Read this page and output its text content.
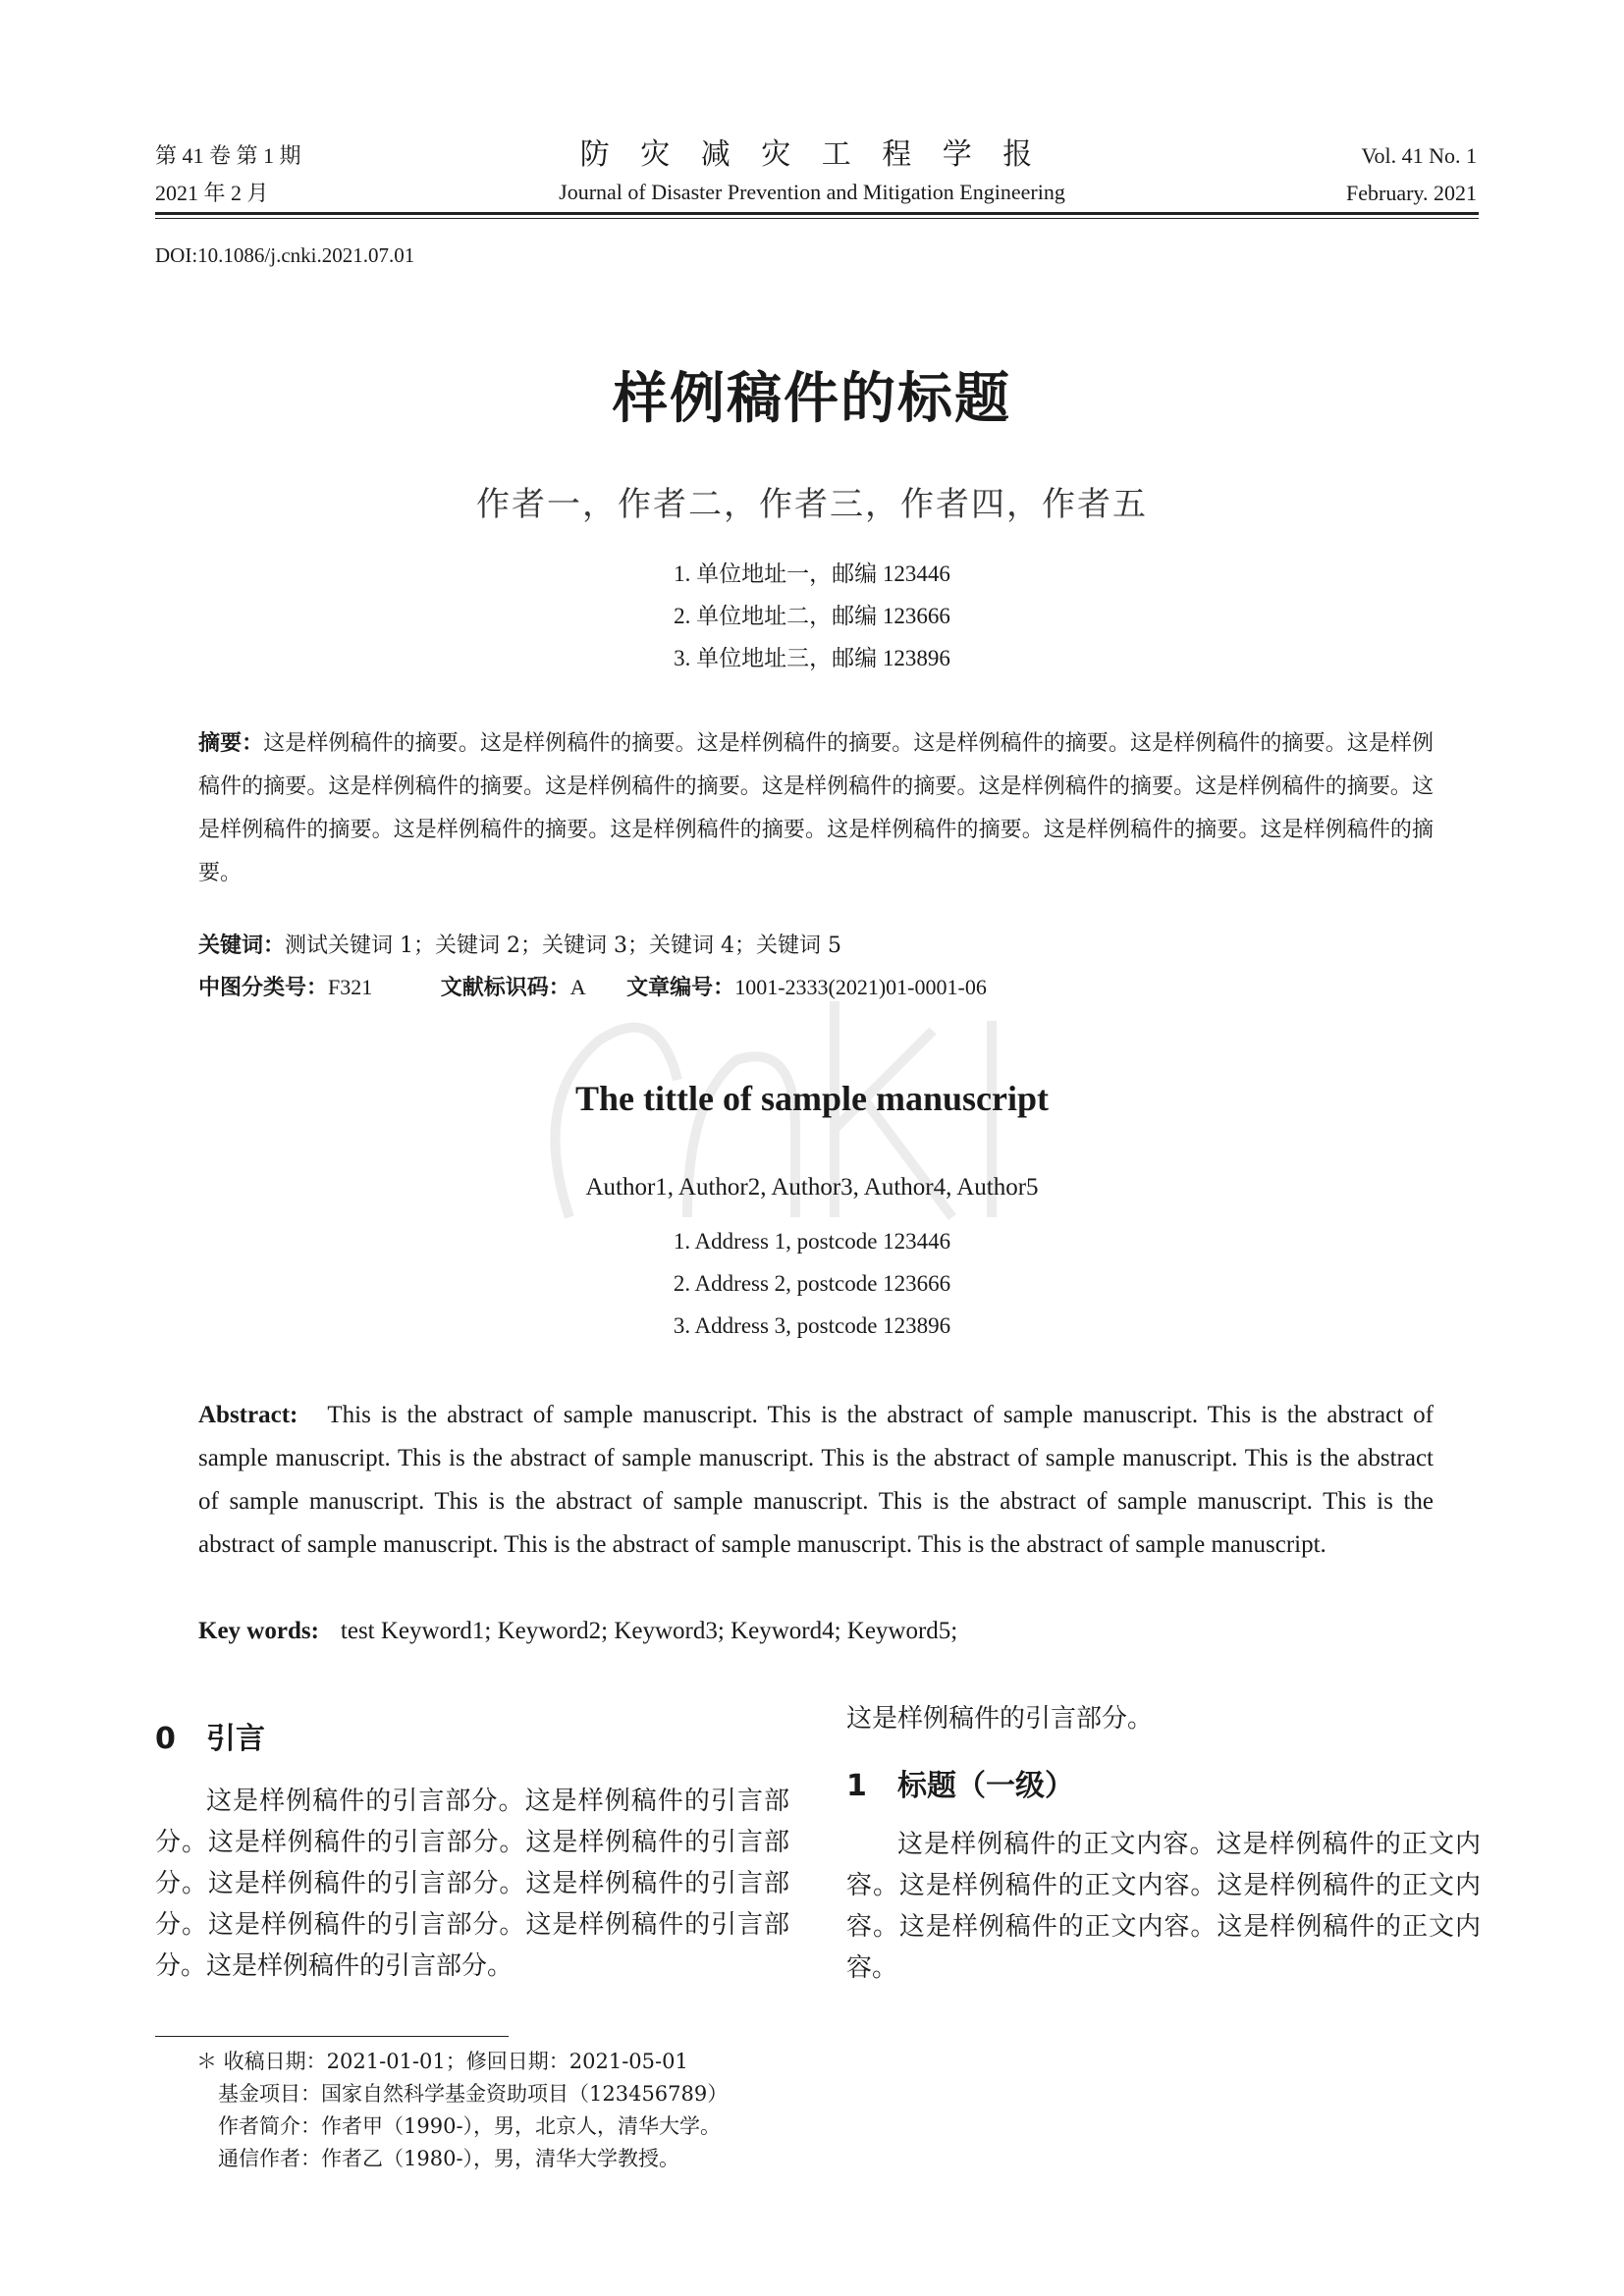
第 41 卷 第 1 期
2021 年 2 月
防 灾 减 灾 工 程 学 报
Journal of Disaster Prevention and Mitigation Engineering
Vol. 41 No. 1
February. 2021
DOI:10.1086/j.cnki.2021.07.01
样例稿件的标题
作者一，作者二，作者三，作者四，作者五
1. 单位地址一，邮编 123446
2. 单位地址二，邮编 123666
3. 单位地址三，邮编 123896
摘要：这是样例稿件的摘要。这是样例稿件的摘要。这是样例稿件的摘要。这是样例稿件的摘要。这是样例稿件的摘要。这是样例稿件的摘要。这是样例稿件的摘要。这是样例稿件的摘要。这是样例稿件的摘要。这是样例稿件的摘要。这是样例稿件的摘要。这是样例稿件的摘要。这是样例稿件的摘要。这是样例稿件的摘要。这是样例稿件的摘要。这是样例稿件的摘要。这是样例稿件的摘要。
关键词：测试关键词 1；关键词 2；关键词 3；关键词 4；关键词 5
中图分类号：F321	文献标识码：A 文章编号：1001-2333(2021)01-0001-06
The tittle of sample manuscript
Author1, Author2, Author3, Author4, Author5
1. Address 1, postcode 123446
2. Address 2, postcode 123666
3. Address 3, postcode 123896
Abstract: This is the abstract of sample manuscript. This is the abstract of sample manuscript. This is the abstract of sample manuscript. This is the abstract of sample manuscript. This is the abstract of sample manuscript. This is the abstract of sample manuscript. This is the abstract of sample manuscript. This is the abstract of sample manuscript. This is the abstract of sample manuscript. This is the abstract of sample manuscript. This is the abstract of sample manuscript.
Key words: test Keyword1; Keyword2; Keyword3; Keyword4; Keyword5;
0 引言
这是样例稿件的引言部分。这是样例稿件的引言部分。这是样例稿件的引言部分。这是样例稿件的引言部分。这是样例稿件的引言部分。这是样例稿件的引言部分。这是样例稿件的引言部分。这是样例稿件的引言部分。这是样例稿件的引言部分。
这是样例稿件的引言部分。
1 标题（一级）
这是样例稿件的正文内容。这是样例稿件的正文内容。这是样例稿件的正文内容。这是样例稿件的正文内容。这是样例稿件的正文内容。这是样例稿件的正文内容。
＊ 收稿日期：2021-01-01；修回日期：2021-05-01
基金项目：国家自然科学基金资助项目（123456789）
作者简介：作者甲（1990-），男，北京人，清华大学。
通信作者：作者乙（1980-），男，清华大学教授。
